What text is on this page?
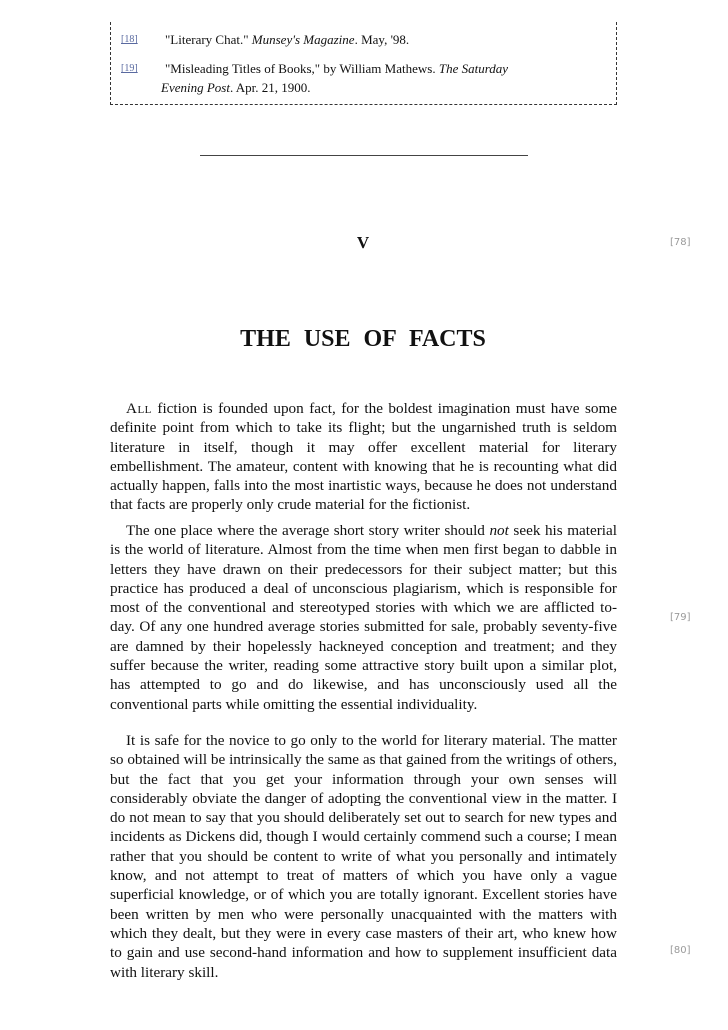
[18] "Literary Chat." Munsey's Magazine. May, '98.
[19] "Misleading Titles of Books," by William Mathews. The Saturday
Evening Post. Apr. 21, 1900.
V	[78]
THE USE OF FACTS

All fiction is founded upon fact, for the boldest imagination must have some definite point from which to take its flight; but the ungarnished truth is seldom literature in itself, though it may offer excellent material for literary embellishment. The amateur, content with knowing that he is recounting what did actually happen, falls into the most inartistic ways, because he does not understand that facts are properly only crude material for the fictionist.

The one place where the average short story writer should not seek his material is the world of literature. Almost from the time when men first began to dabble in letters they have drawn on their predecessors for their subject matter; but this practice has produced a deal of unconscious plagiarism, which is responsible for most of the conventional and stereotyped stories with which we are afflicted to-day. Of any one hundred average stories submitted for sale, probably seventy-five are damned by their hopelessly hackneyed conception and treatment; and they suffer because the writer, reading some attractive story built upon a similar plot, has attempted to go and do likewise, and has unconsciously used all the conventional parts while omitting the essential individuality.

[79]

It is safe for the novice to go only to the world for literary material. The matter so obtained will be intrinsically the same as that gained from the writings of others, but the fact that you get your information through your own senses will considerably obviate the danger of adopting the conventional view in the matter. I do not mean to say that you should deliberately set out to search for new types and incidents as Dickens did, though I would certainly commend such a course; I mean rather that you should be content to write of what you personally and intimately know, and not attempt to treat of matters of which you have only a vague superficial knowledge, or of which you are totally ignorant. Excellent stories have been written by men who were personally unacquainted with the matters with which they dealt, but they were in every case masters of their art, who knew how to gain and use second-hand information and how to supplement insufficient data with literary skill.

[80]
